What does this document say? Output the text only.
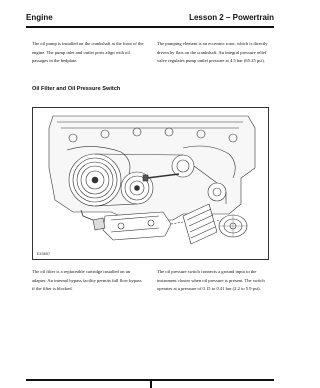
Engine	Lesson 2 – Powertrain

The oil pump is installed on the crankshaft at the front of the engine. The pump inlet and outlet ports align with oil passages in the bedplate.

The pumping element is an eccentric rotor, which is directly driven by flats on the crankshaft. An integral pressure relief valve regulates pump outlet pressure at 4.5 bar (65.25 psi).

Oil Filter and Oil Pressure Switch
E43657

The oil filter is a replaceable cartridge installed on an adapter. An internal bypass facility permits full flow bypass if the filter is blocked.

The oil pressure switch connects a ground input to the instrument cluster when oil pressure is present. The switch operates at a pressure of 0.15 to 0.41 bar (2.2 to 5.9 psi).
